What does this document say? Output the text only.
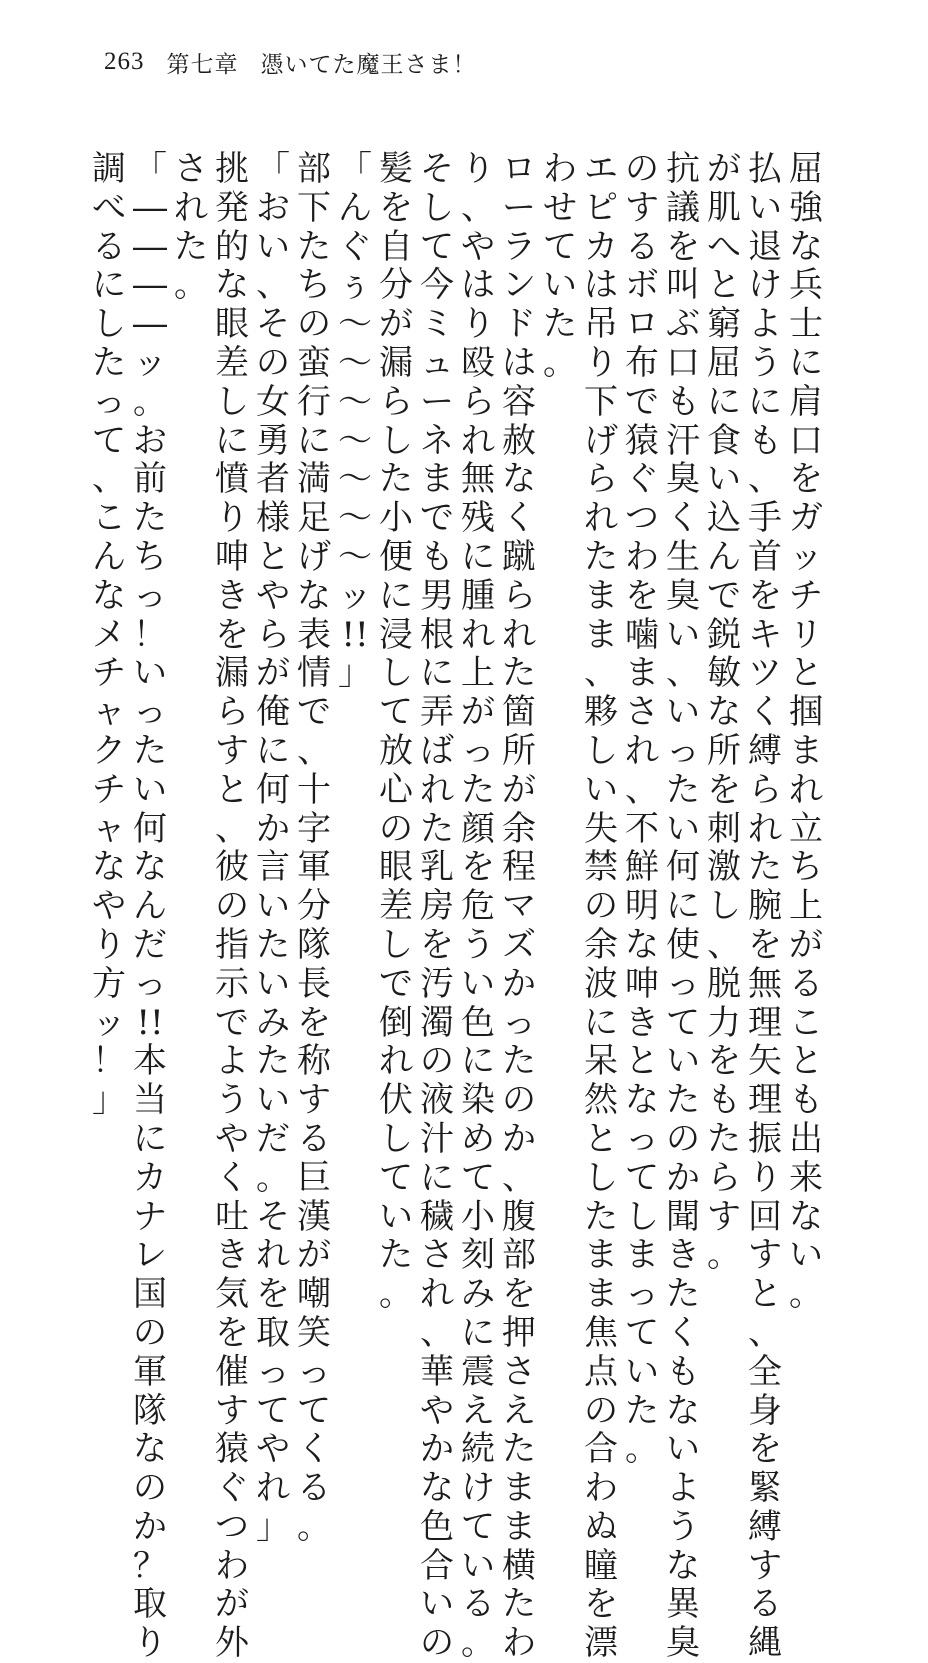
263 第七章 憑いてた魔王さま！
屈強な兵士に肩口をガッチリと掴まれ立ち上がることも出来ない。
払い退けようにも、手首をキツく縛られた腕を無理矢理振り回すと、全身を緊縛する縄
が肌へと窮屈に食い込んで鋭敏な所を刺激し、脱力をもたらす。
抗議を叫ぶ口も汗臭く生臭い、いったい何に使っていたのか聞きたくもないような異臭
のするボロ布で猿ぐつわを噛まされ、不鮮明な呻きとなってしまっていた。
エピカは吊り下げられたまま、夥しい失禁の余波に呆然としたまま焦点の合わぬ瞳を漂
わせていた。
ローランドは容赦なく蹴られた箇所が余程マズかったのか、腹部を押さえたまま横たわ
り、やはり殴られ無残に腫れ上がった顔を危うい色に染めて小刻みに震え続けている。
そして今ミューネまでも男根に弄ばれた乳房を汚濁の液汁に穢され、華やかな色合いの
髪を自分が漏らした小便に浸して放心の眼差しで倒れ伏していた。
「んぐぅ〜〜〜〜〜〜〜ッ!!」
部下たちの蛮行に満足げな表情で、十字軍分隊長を称する巨漢が嘲笑ってくる。
「おい、その女勇者様とやらが俺に何か言いたいみたいだ。それを取ってやれ」
挑発的な眼差しに憤り呻きを漏らすと、彼の指示でようやく吐き気を催す猿ぐつわが外
された。
「――――ッ。お前たちっ！　いったい何なんだっ!!　本当にカナレ国の軍隊なのか？　取り
調べるにしたって、こんなメチャクチャなやり方ッ！」
